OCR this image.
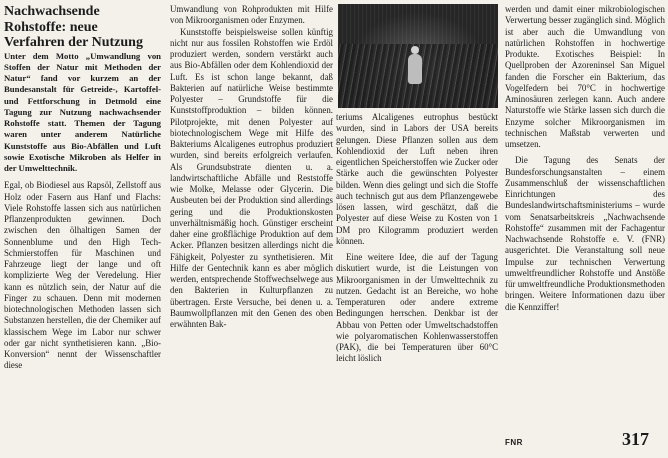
Nachwachsende Rohstoffe: neue Verfahren der Nutzung

Unter dem Motto „Umwandlung von Stoffen der Natur mit Methoden der Natur“ fand vor kurzem an der Bundesanstalt für Getreide-, Kartoffel- und Fettforschung in Detmold eine Tagung zur Nutzung nachwachsender Rohstoffe statt. Themen der Tagung waren unter anderem Natürliche Kunststoffe aus Bio-Abfällen und Luft sowie Exotische Mikroben als Helfer in der Umwelttechnik.

Egal, ob Biodiesel aus Rapsöl, Zellstoff aus Holz oder Fasern aus Hanf und Flachs: Viele Rohstoffe lassen sich aus natürlichen Pflanzenprodukten gewinnen. Doch zwischen den ölhaltigen Samen der Sonnenblume und den High Tech-Schmierstoffen für Maschinen und Fahrzeuge liegt der lange und oft komplizierte Weg der Veredelung. Hier kann es nützlich sein, der Natur auf die Finger zu schauen. Denn mit modernen biotechnologischen Methoden lassen sich Substanzen herstellen, die der Chemiker auf klassischem Wege im Labor nur schwer oder gar nicht synthetisieren kann. „Bio-Konversion“ nennt der Wissenschaftler diese

Umwandlung von Rohprodukten mit Hilfe von Mikroorganismen oder Enzymen.

Kunststoffe beispielsweise sollen künftig nicht nur aus fossilen Rohstoffen wie Erdöl produziert werden, sondern verstärkt auch aus Bio-Abfällen oder dem Kohlendioxid der Luft. Es ist schon lange bekannt, daß Bakterien auf natürliche Weise bestimmte Polyester – Grundstoffe für die Kunststoffproduktion – bilden können. Pilotprojekte, mit denen Polyester auf biotechnologischem Wege mit Hilfe des Bakteriums Alcaligenes eutrophus produziert wurden, sind bereits erfolgreich verlaufen. Als Grundsubstrate dienten u. a. landwirtschaftliche Abfälle und Reststoffe wie Molke, Melasse oder Glycerin. Die Ausbeuten bei der Produktion sind allerdings gering und die Produktionskosten unverhältnismäßig hoch. Günstiger erscheint daher eine großflächige Produktion auf dem Acker. Pflanzen besitzen allerdings nicht die Fähigkeit, Polyester zu synthetisieren. Mit Hilfe der Gentechnik kann es aber möglich werden, entsprechende Stoffwechselwege aus den Bakterien in Kulturpflanzen zu übertragen. Erste Versuche, bei denen u. a. Baumwollpflanzen mit den Genen des oben erwähnten Bak-

teriums Alcaligenes eutrophus bestückt wurden, sind in Labors der USA bereits gelungen. Diese Pflanzen sollen aus dem Kohlendioxid der Luft neben ihren eigentlichen Speicherstoffen wie Zucker oder Stärke auch die gewünschten Polyester bilden. Wenn dies gelingt und sich die Stoffe auch technisch gut aus dem Pflanzengewebe lösen lassen, wird geschätzt, daß die Polyester auf diese Weise zu Kosten von 1 DM pro Kilogramm produziert werden können.

Eine weitere Idee, die auf der Tagung diskutiert wurde, ist die Leistungen von Mikroorganismen in der Umwelttechnik zu nutzen. Gedacht ist an Bereiche, wo hohe Temperaturen oder andere extreme Bedingungen herrschen. Denkbar ist der Abbau von Petten oder Umweltschadstoffen wie polyaromatischen Kohlenwasserstoffen (PAK), die bei Temperaturen über 60°C leicht löslich

werden und damit einer mikrobiologischen Verwertung besser zugänglich sind. Möglich ist aber auch die Umwandlung von natürlichen Rohstoffen in hochwertige Produkte. Exotisches Beispiel: In Quellproben der Azoreninsel San Miguel fanden die Forscher ein Bakterium, das Vogelfedern bei 70°C in hochwertige Aminosäuren zerlegen kann. Auch andere Naturstoffe wie Stärke lassen sich durch die Enzyme solcher Mikroorganismen im technischen Maßstab verwerten und umsetzen.

Die Tagung des Senats der Bundesforschungsanstalten – einem Zusammenschluß der wissenschaftlichen Einrichtungen des Bundeslandwirtschaftsministeriums – wurde vom Senatsarbeitskreis „Nachwachsende Rohstoffe“ zusammen mit der Fachagentur Nachwachsende Rohstoffe e. V. (FNR) ausgerichtet. Die Veranstaltung soll neue Impulse zur technischen Verwertung umweltfreundlicher Rohstoffe und Anstöße für umweltfreundliche Produktionsmethoden bringen. Weitere Informationen dazu über die Kennziffer!

FNR	317
